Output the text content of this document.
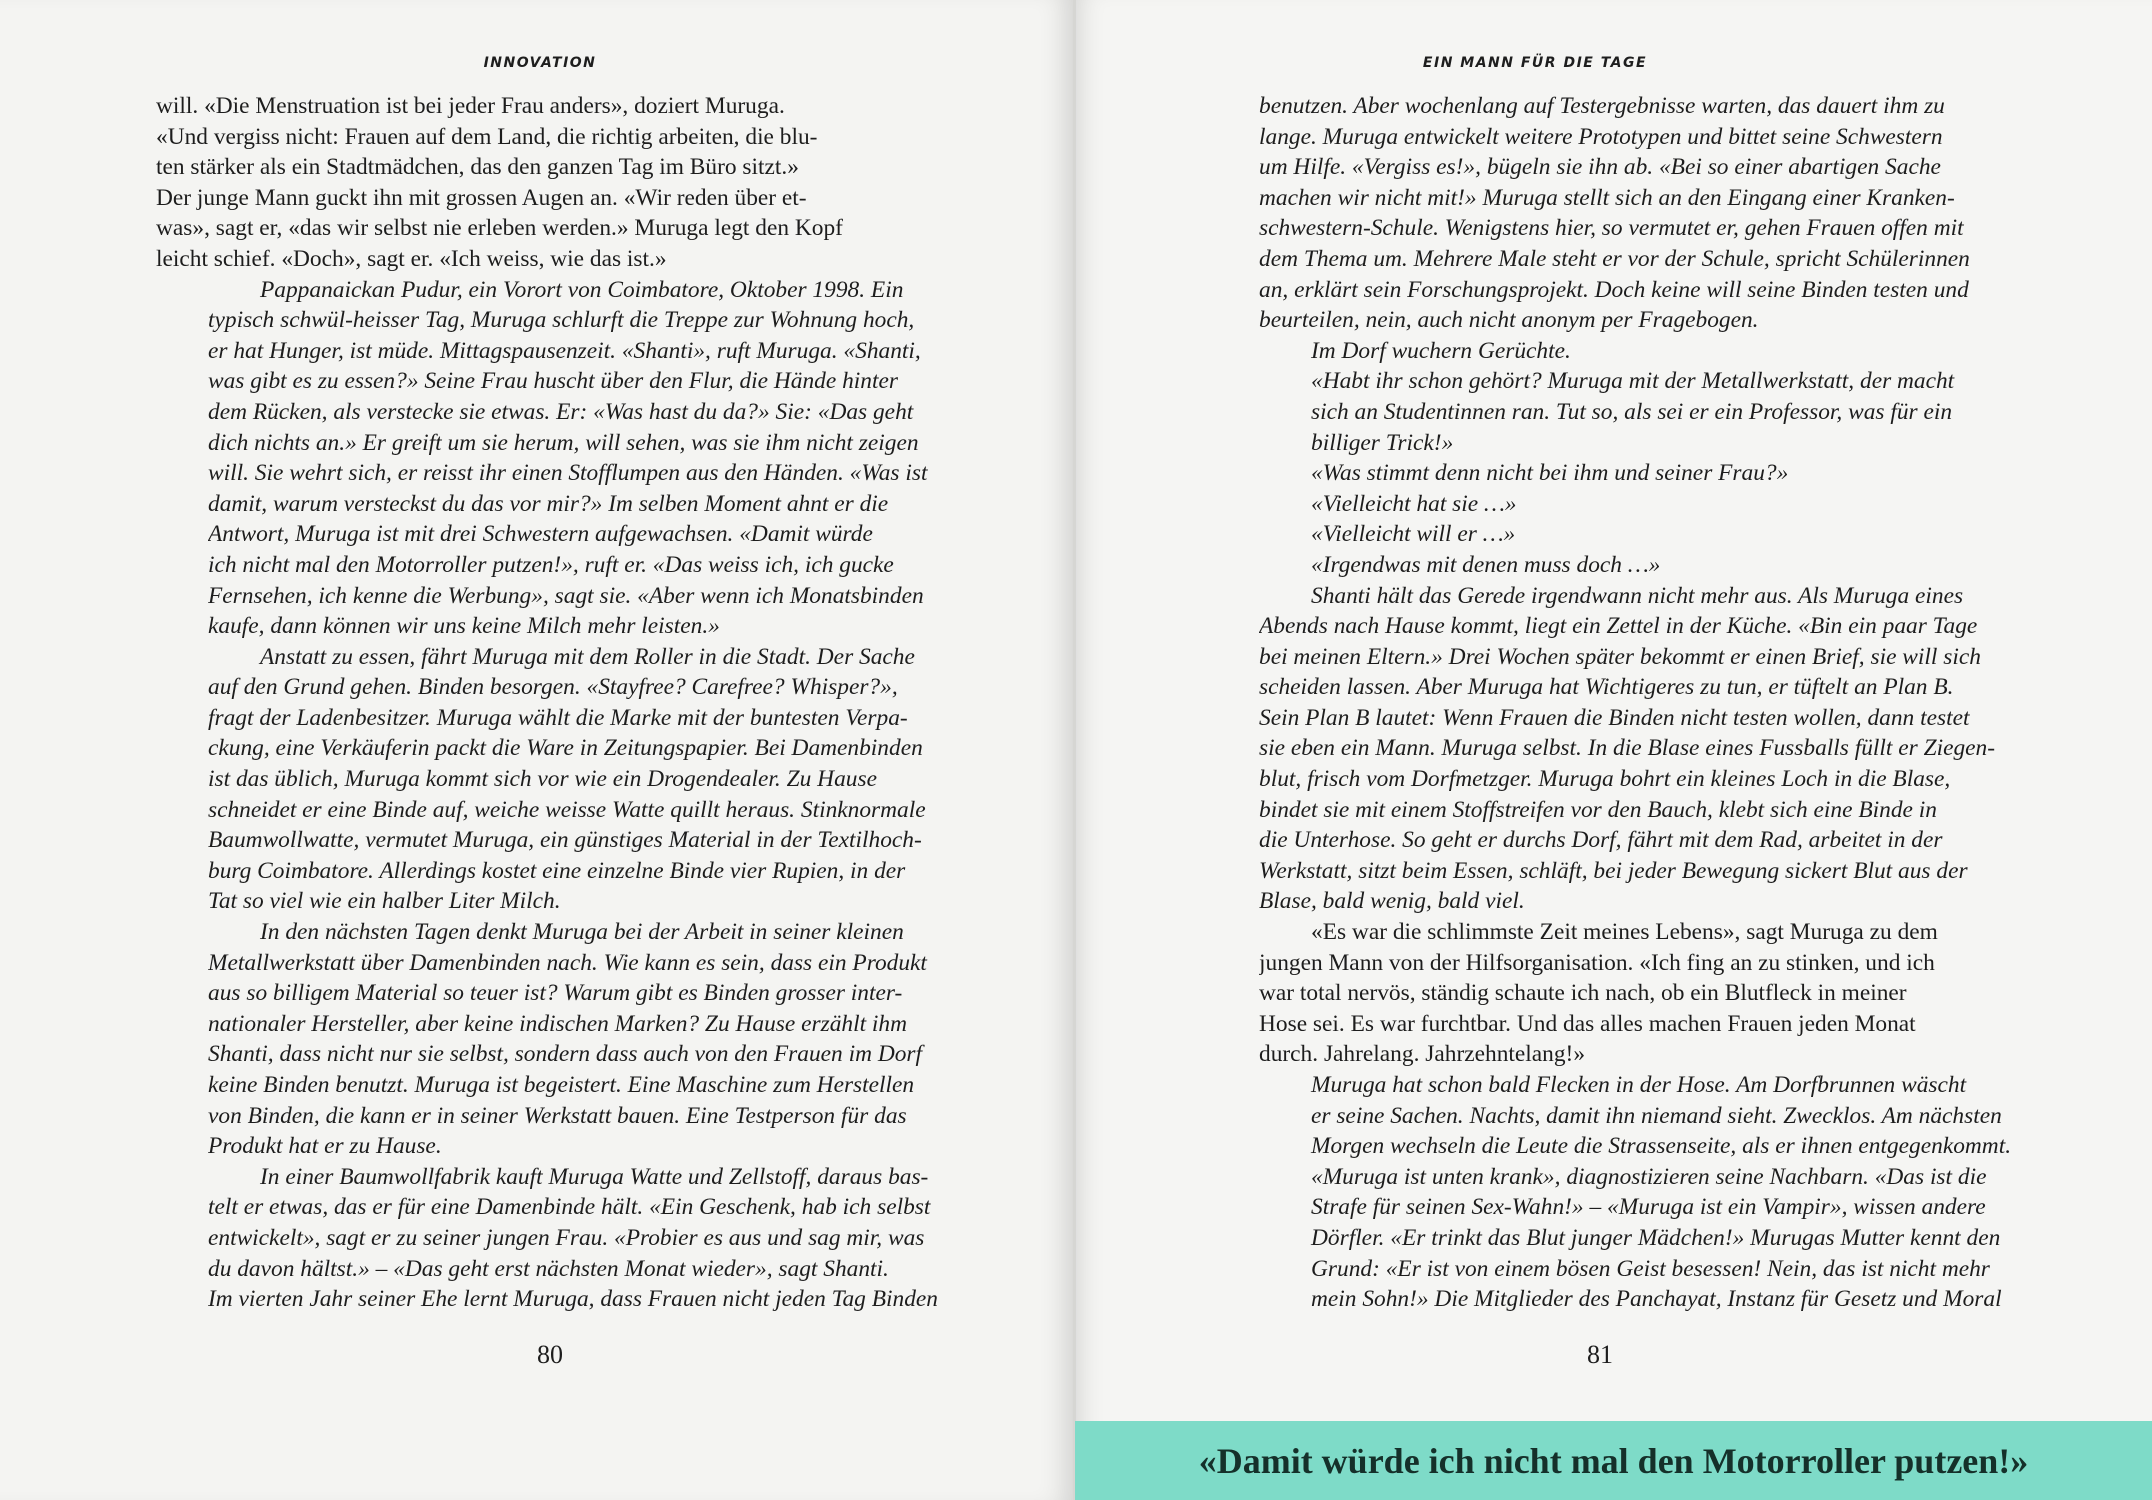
INNOVATION
will. «Die Menstruation ist bei jeder Frau anders», doziert Muruga.
«Und vergiss nicht: Frauen auf dem Land, die richtig arbeiten, die blu-
ten stärker als ein Stadtmädchen, das den ganzen Tag im Büro sitzt.»
Der junge Mann guckt ihn mit grossen Augen an. «Wir reden über et-
was», sagt er, «das wir selbst nie erleben werden.» Muruga legt den Kopf
leicht schief. «Doch», sagt er. «Ich weiss, wie das ist.»
Pappanaickan Pudur, ein Vorort von Coimbatore, Oktober 1998. Ein
typisch schwül-heisser Tag, Muruga schlurft die Treppe zur Wohnung hoch,
er hat Hunger, ist müde. Mittagspausenzeit. «Shanti», ruft Muruga. «Shanti,
was gibt es zu essen?» Seine Frau huscht über den Flur, die Hände hinter
dem Rücken, als verstecke sie etwas. Er: «Was hast du da?» Sie: «Das geht
dich nichts an.» Er greift um sie herum, will sehen, was sie ihm nicht zeigen
will. Sie wehrt sich, er reisst ihr einen Stofflumpen aus den Händen. «Was ist
damit, warum versteckst du das vor mir?» Im selben Moment ahnt er die
Antwort, Muruga ist mit drei Schwestern aufgewachsen. «Damit würde
ich nicht mal den Motorroller putzen!», ruft er. «Das weiss ich, ich gucke
Fernsehen, ich kenne die Werbung», sagt sie. «Aber wenn ich Monatsbinden
kaufe, dann können wir uns keine Milch mehr leisten.»
Anstatt zu essen, fährt Muruga mit dem Roller in die Stadt. Der Sache
auf den Grund gehen. Binden besorgen. «Stayfree? Carefree? Whisper?»,
fragt der Ladenbesitzer. Muruga wählt die Marke mit der buntesten Verpa-
ckung, eine Verkäuferin packt die Ware in Zeitungspapier. Bei Damenbinden
ist das üblich, Muruga kommt sich vor wie ein Drogendealer. Zu Hause
schneidet er eine Binde auf, weiche weisse Watte quillt heraus. Stinknormale
Baumwollwatte, vermutet Muruga, ein günstiges Material in der Textilhoch-
burg Coimbatore. Allerdings kostet eine einzelne Binde vier Rupien, in der
Tat so viel wie ein halber Liter Milch.
In den nächsten Tagen denkt Muruga bei der Arbeit in seiner kleinen
Metallwerkstatt über Damenbinden nach. Wie kann es sein, dass ein Produkt
aus so billigem Material so teuer ist? Warum gibt es Binden grosser inter-
nationaler Hersteller, aber keine indischen Marken? Zu Hause erzählt ihm
Shanti, dass nicht nur sie selbst, sondern dass auch von den Frauen im Dorf
keine Binden benutzt. Muruga ist begeistert. Eine Maschine zum Herstellen
von Binden, die kann er in seiner Werkstatt bauen. Eine Testperson für das
Produkt hat er zu Hause.
In einer Baumwollfabrik kauft Muruga Watte und Zellstoff, daraus bas-
telt er etwas, das er für eine Damenbinde hält. «Ein Geschenk, hab ich selbst
entwickelt», sagt er zu seiner jungen Frau. «Probier es aus und sag mir, was
du davon hältst.» – «Das geht erst nächsten Monat wieder», sagt Shanti.
Im vierten Jahr seiner Ehe lernt Muruga, dass Frauen nicht jeden Tag Binden
80
EIN MANN FÜR DIE TAGE
benutzen. Aber wochenlang auf Testergebnisse warten, das dauert ihm zu
lange. Muruga entwickelt weitere Prototypen und bittet seine Schwestern
um Hilfe. «Vergiss es!», bügeln sie ihn ab. «Bei so einer abartigen Sache
machen wir nicht mit!» Muruga stellt sich an den Eingang einer Kranken-
schwestern-Schule. Wenigstens hier, so vermutet er, gehen Frauen offen mit
dem Thema um. Mehrere Male steht er vor der Schule, spricht Schülerinnen
an, erklärt sein Forschungsprojekt. Doch keine will seine Binden testen und
beurteilen, nein, auch nicht anonym per Fragebogen.
Im Dorf wuchern Gerüchte.
«Habt ihr schon gehört? Muruga mit der Metallwerkstatt, der macht
sich an Studentinnen ran. Tut so, als sei er ein Professor, was für ein
billiger Trick!»
«Was stimmt denn nicht bei ihm und seiner Frau?»
«Vielleicht hat sie …»
«Vielleicht will er …»
«Irgendwas mit denen muss doch …»
Shanti hält das Gerede irgendwann nicht mehr aus. Als Muruga eines
Abends nach Hause kommt, liegt ein Zettel in der Küche. «Bin ein paar Tage
bei meinen Eltern.» Drei Wochen später bekommt er einen Brief, sie will sich
scheiden lassen. Aber Muruga hat Wichtigeres zu tun, er tüftelt an Plan B.
Sein Plan B lautet: Wenn Frauen die Binden nicht testen wollen, dann testet
sie eben ein Mann. Muruga selbst. In die Blase eines Fussballs füllt er Ziegen-
blut, frisch vom Dorfmetzger. Muruga bohrt ein kleines Loch in die Blase,
bindet sie mit einem Stoffstreifen vor den Bauch, klebt sich eine Binde in
die Unterhose. So geht er durchs Dorf, fährt mit dem Rad, arbeitet in der
Werkstatt, sitzt beim Essen, schläft, bei jeder Bewegung sickert Blut aus der
Blase, bald wenig, bald viel.
«Es war die schlimmste Zeit meines Lebens», sagt Muruga zu dem
jungen Mann von der Hilfsorganisation. «Ich fing an zu stinken, und ich
war total nervös, ständig schaute ich nach, ob ein Blutfleck in meiner
Hose sei. Es war furchtbar. Und das alles machen Frauen jeden Monat
durch. Jahrelang. Jahrzehntelang!»
Muruga hat schon bald Flecken in der Hose. Am Dorfbrunnen wäscht
er seine Sachen. Nachts, damit ihn niemand sieht. Zwecklos. Am nächsten
Morgen wechseln die Leute die Strassenseite, als er ihnen entgegenkommt.
«Muruga ist unten krank», diagnostizieren seine Nachbarn. «Das ist die
Strafe für seinen Sex-Wahn!» – «Muruga ist ein Vampir», wissen andere
Dörfler. «Er trinkt das Blut junger Mädchen!» Murugas Mutter kennt den
Grund: «Er ist von einem bösen Geist besessen! Nein, das ist nicht mehr
mein Sohn!» Die Mitglieder des Panchayat, Instanz für Gesetz und Moral
81
«Damit würde ich nicht mal den Motorroller putzen!»
